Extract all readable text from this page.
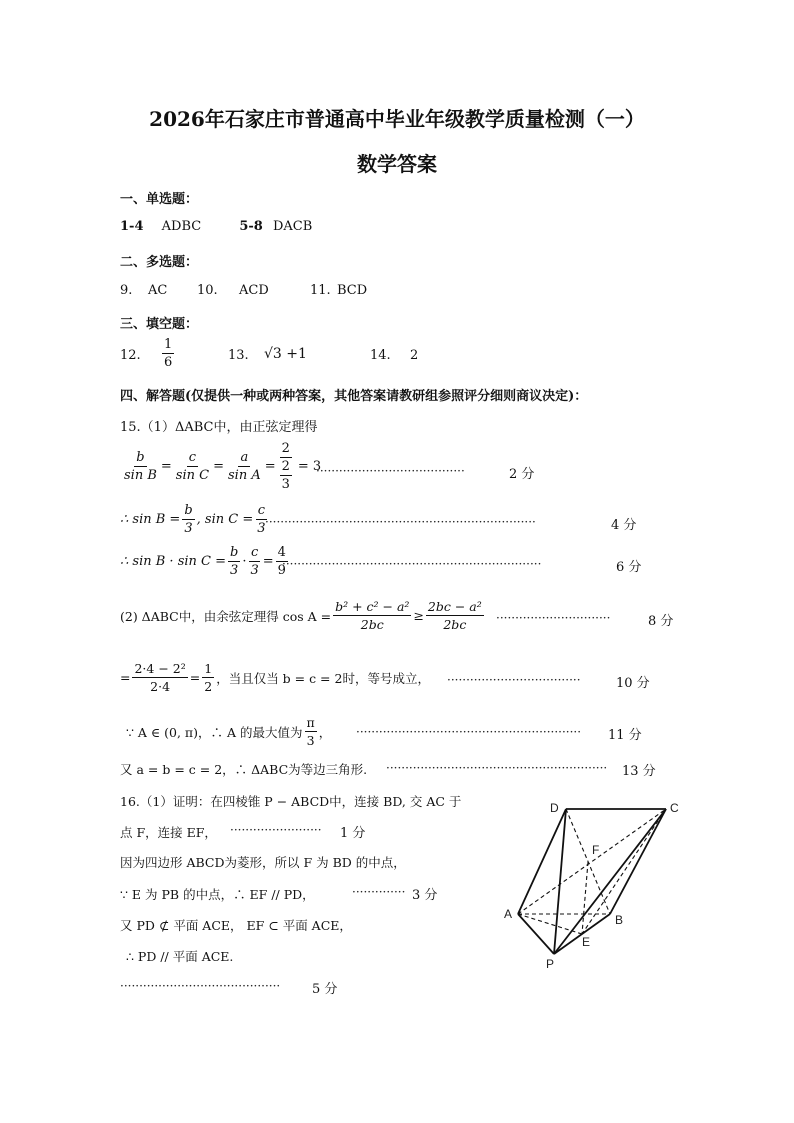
2026年石家庄市普通高中毕业年级教学质量检测（一）
数学答案
一、单选题：
1-4 ADBC	5-8 DACB
二、多选题：
9. AC 10. ACD	11. BCD
三、填空题：
12. $\frac{1}{6}$	13. √3 +1	14. 2
四、解答题(仅提供一种或两种答案，其他答案请教研组参照评分细则商议决定)：
15.（1）ΔABC中，由正弦定理得
$\frac{b}{\text{sin B}} = \frac{c}{\text{sin C}} = \frac{a}{\text{sin A}} = \frac{2}{\frac{2}{3}} = 3$
·······································	2 分
∴ $\sin B = \frac{b}{3}$ , $\sin C = \frac{c}{3}$
·······································································	4 分
∴ $\sin B \cdot \sin C = \frac{b}{3} \cdot \frac{c}{3} = \frac{4}{9}$
····································································	6 分
(2) ΔABC中，由余弦定理得 $\cos A = \frac{\text{b² + c² − a²}}{2bc} \ge \frac{\text{2bc − a²}}{2bc}$ ······························	8 分
= $\frac{\text{2·4 − 2²}}{2\cdot 4} = \frac{1}{2}$ ，当且仅当 b = c = 2时，等号成立， ···································	10 分
∵ A ∈ (0, π)，∴ A 的最大值为 $\frac{\pi}{3}$ ， ··························································· 11 分
又 a = b = c = 2，∴ ΔABC为等边三角形. ·························································· 13 分
16.（1）证明：在四棱锥 P − ABCD中，连接 BD, 交 AC 于
点 F，连接 EF， ························ 1 分
因为四边形 ABCD为菱形，所以 F 为 BD 的中点，
∵ E 为 PB 的中点，∴ EF // PD，	·············· 3 分
又 PD ⊄ 平面 ACE， EF ⊂ 平面 ACE，
∴ PD // 平面 ACE.
·········································· 5 分
D	C
F
A	B
E
P
